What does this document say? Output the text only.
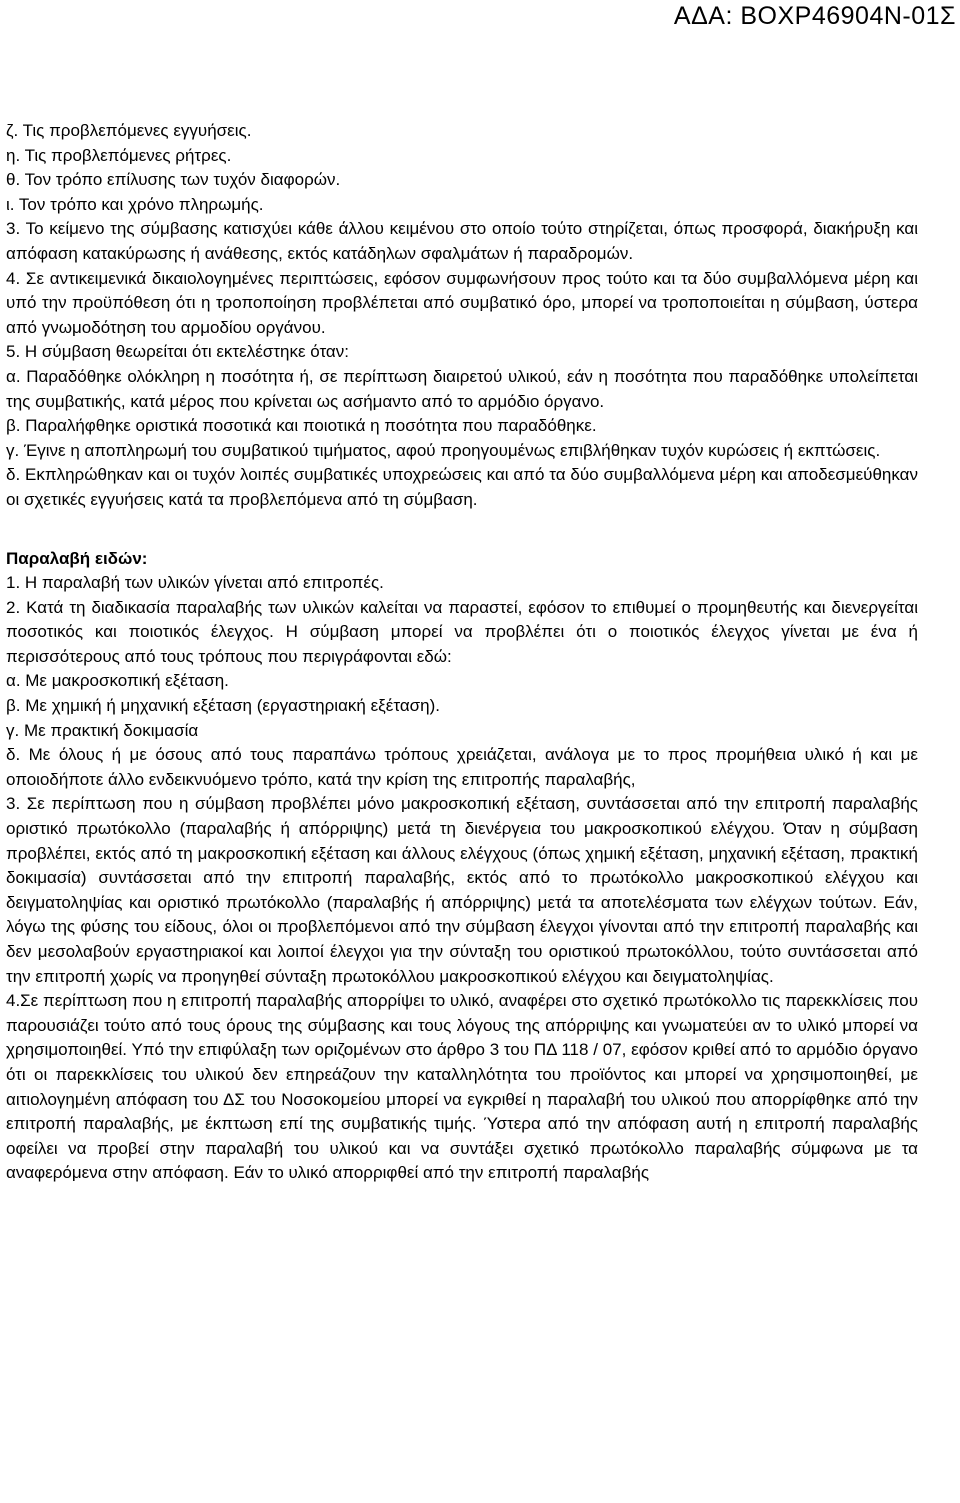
ΑΔΑ: ΒΟΧΡ46904Ν-01Σ

ζ. Τις προβλεπόμενες εγγυήσεις.

η. Τις προβλεπόμενες ρήτρες.

θ. Τον τρόπο επίλυσης των τυχόν διαφορών.

ι. Τον τρόπο και χρόνο πληρωμής.

3. Το κείμενο της σύμβασης κατισχύει κάθε άλλου κειμένου στο οποίο τούτο στηρίζεται, όπως προσφορά, διακήρυξη και απόφαση κατακύρωσης ή ανάθεσης, εκτός κατάδηλων σφαλμάτων ή παραδρομών.

4. Σε αντικειμενικά δικαιολογημένες περιπτώσεις, εφόσον συμφωνήσουν προς τούτο και τα δύο συμβαλλόμενα μέρη και υπό την προϋπόθεση ότι η τροποποίηση προβλέπεται από συμβατικό όρο, μπορεί να τροποποιείται η σύμβαση, ύστερα από γνωμοδότηση του αρμοδίου οργάνου.

5. Η σύμβαση θεωρείται ότι εκτελέστηκε όταν:

α. Παραδόθηκε ολόκληρη η ποσότητα ή, σε περίπτωση διαιρετού υλικού, εάν η ποσότητα που παραδόθηκε υπολείπεται της συμβατικής, κατά μέρος που κρίνεται ως ασήμαντο από το αρμόδιο όργανο.

β. Παραλήφθηκε οριστικά ποσοτικά και ποιοτικά η ποσότητα που παραδόθηκε.

γ. Έγινε η αποπληρωμή του συμβατικού τιμήματος, αφού προηγουμένως επιβλήθηκαν τυχόν κυρώσεις ή εκπτώσεις.

δ. Εκπληρώθηκαν και οι τυχόν λοιπές συμβατικές υποχρεώσεις και από τα δύο συμβαλλόμενα μέρη και αποδεσμεύθηκαν οι σχετικές εγγυήσεις κατά τα προβλεπόμενα από τη σύμβαση.

Παραλαβή ειδών:

1. Η παραλαβή των υλικών γίνεται από επιτροπές.

2. Κατά τη διαδικασία παραλαβής των υλικών καλείται να παραστεί, εφόσον το επιθυμεί ο προμηθευτής και διενεργείται ποσοτικός και ποιοτικός έλεγχος. Η σύμβαση μπορεί να προβλέπει ότι ο ποιοτικός έλεγχος γίνεται με ένα ή περισσότερους από τους τρόπους που περιγράφονται εδώ:

α. Με μακροσκοπική εξέταση.

β. Με χημική ή μηχανική εξέταση (εργαστηριακή εξέταση).

γ. Με πρακτική δοκιμασία

δ. Με όλους ή με όσους από τους παραπάνω τρόπους χρειάζεται, ανάλογα με το προς προμήθεια υλικό ή και με οποιοδήποτε άλλο ενδεικνυόμενο τρόπο, κατά την κρίση της επιτροπής παραλαβής,

3. Σε περίπτωση που η σύμβαση προβλέπει μόνο μακροσκοπική εξέταση, συντάσσεται από την επιτροπή παραλαβής οριστικό πρωτόκολλο (παραλαβής ή απόρριψης) μετά τη διενέργεια του μακροσκοπικού ελέγχου. Όταν η σύμβαση προβλέπει, εκτός από τη μακροσκοπική εξέταση και άλλους ελέγχους (όπως χημική εξέταση, μηχανική εξέταση, πρακτική δοκιμασία) συντάσσεται από την επιτροπή παραλαβής, εκτός από το πρωτόκολλο μακροσκοπικού ελέγχου και δειγματοληψίας και οριστικό πρωτόκολλο (παραλαβής ή απόρριψης) μετά τα αποτελέσματα των ελέγχων τούτων. Εάν, λόγω της φύσης του είδους, όλοι οι προβλεπόμενοι από την σύμβαση έλεγχοι γίνονται από την επιτροπή παραλαβής και δεν μεσολαβούν εργαστηριακοί και λοιποί έλεγχοι για την σύνταξη του οριστικού πρωτοκόλλου, τούτο συντάσσεται από την επιτροπή χωρίς να προηγηθεί σύνταξη πρωτοκόλλου μακροσκοπικού ελέγχου και δειγματοληψίας.

4.Σε περίπτωση που η επιτροπή παραλαβής απορρίψει το υλικό, αναφέρει στο σχετικό πρωτόκολλο τις παρεκκλίσεις που παρουσιάζει τούτο από τους όρους της σύμβασης και τους λόγους της απόρριψης και γνωματεύει αν το υλικό μπορεί να χρησιμοποιηθεί. Υπό την επιφύλαξη των οριζομένων στο άρθρο 3 του ΠΔ 118 / 07, εφόσον κριθεί από το αρμόδιο όργανο ότι οι παρεκκλίσεις του υλικού δεν επηρεάζουν την καταλληλότητα του προϊόντος και μπορεί να χρησιμοποιηθεί, με αιτιολογημένη απόφαση του ΔΣ του Νοσοκομείου μπορεί να εγκριθεί η παραλαβή του υλικού που απορρίφθηκε από την επιτροπή παραλαβής, με έκπτωση επί της συμβατικής τιμής. Ύστερα από την απόφαση αυτή η επιτροπή παραλαβής οφείλει να προβεί στην παραλαβή του υλικού και να συντάξει σχετικό πρωτόκολλο παραλαβής σύμφωνα με τα αναφερόμενα στην απόφαση. Εάν το υλικό απορριφθεί από την επιτροπή παραλαβής
